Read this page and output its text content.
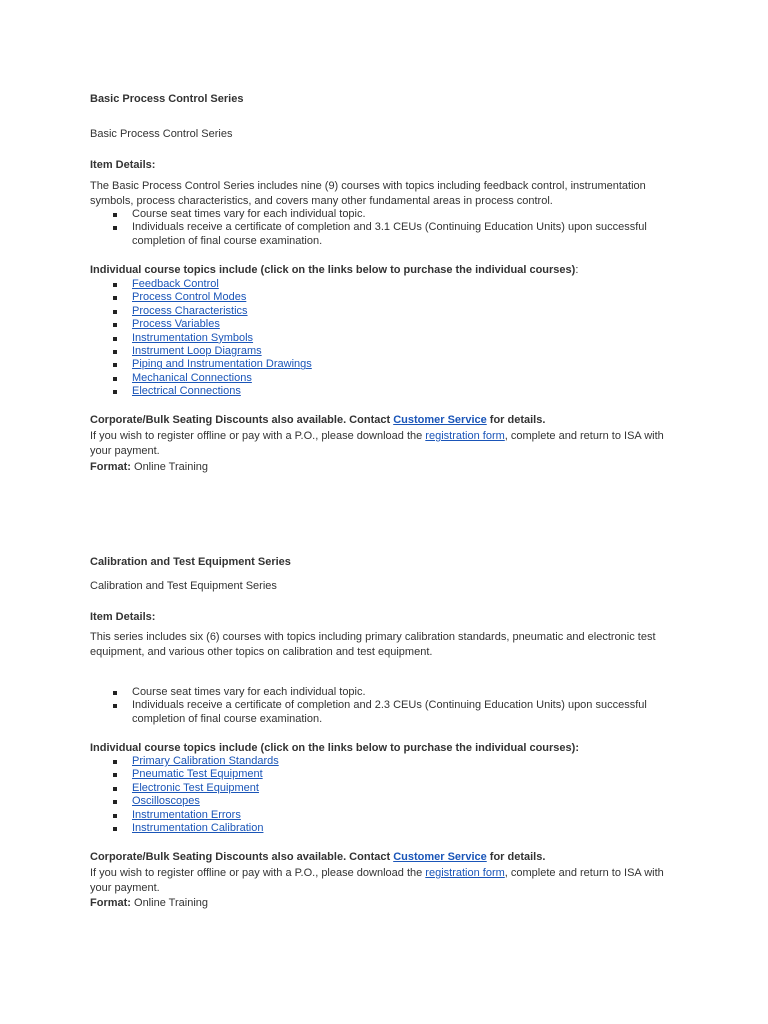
Basic Process Control Series

Basic Process Control Series

Item Details:

The Basic Process Control Series includes nine (9) courses with topics including feedback control, instrumentation symbols, process characteristics, and covers many other fundamental areas in process control.

Course seat times vary for each individual topic.
Individuals receive a certificate of completion and 3.1 CEUs (Continuing Education Units) upon successful completion of final course examination.

Individual course topics include (click on the links below to purchase the individual courses):

Feedback Control
Process Control Modes
Process Characteristics
Process Variables
Instrumentation Symbols
Instrument Loop Diagrams
Piping and Instrumentation Drawings
Mechanical Connections
Electrical Connections

Corporate/Bulk Seating Discounts also available. Contact Customer Service for details.

If you wish to register offline or pay with a P.O., please download the registration form, complete and return to ISA with your payment.

Format: Online Training

Calibration and Test Equipment Series

Calibration and Test Equipment Series

Item Details:

This series includes six (6) courses with topics including primary calibration standards, pneumatic and electronic test equipment, and various other topics on calibration and test equipment.

Course seat times vary for each individual topic.
Individuals receive a certificate of completion and 2.3 CEUs (Continuing Education Units) upon successful completion of final course examination.

Individual course topics include (click on the links below to purchase the individual courses):

Primary Calibration Standards
Pneumatic Test Equipment
Electronic Test Equipment
Oscilloscopes
Instrumentation Errors
Instrumentation Calibration

Corporate/Bulk Seating Discounts also available. Contact Customer Service for details.

If you wish to register offline or pay with a P.O., please download the registration form, complete and return to ISA with your payment.

Format: Online Training
